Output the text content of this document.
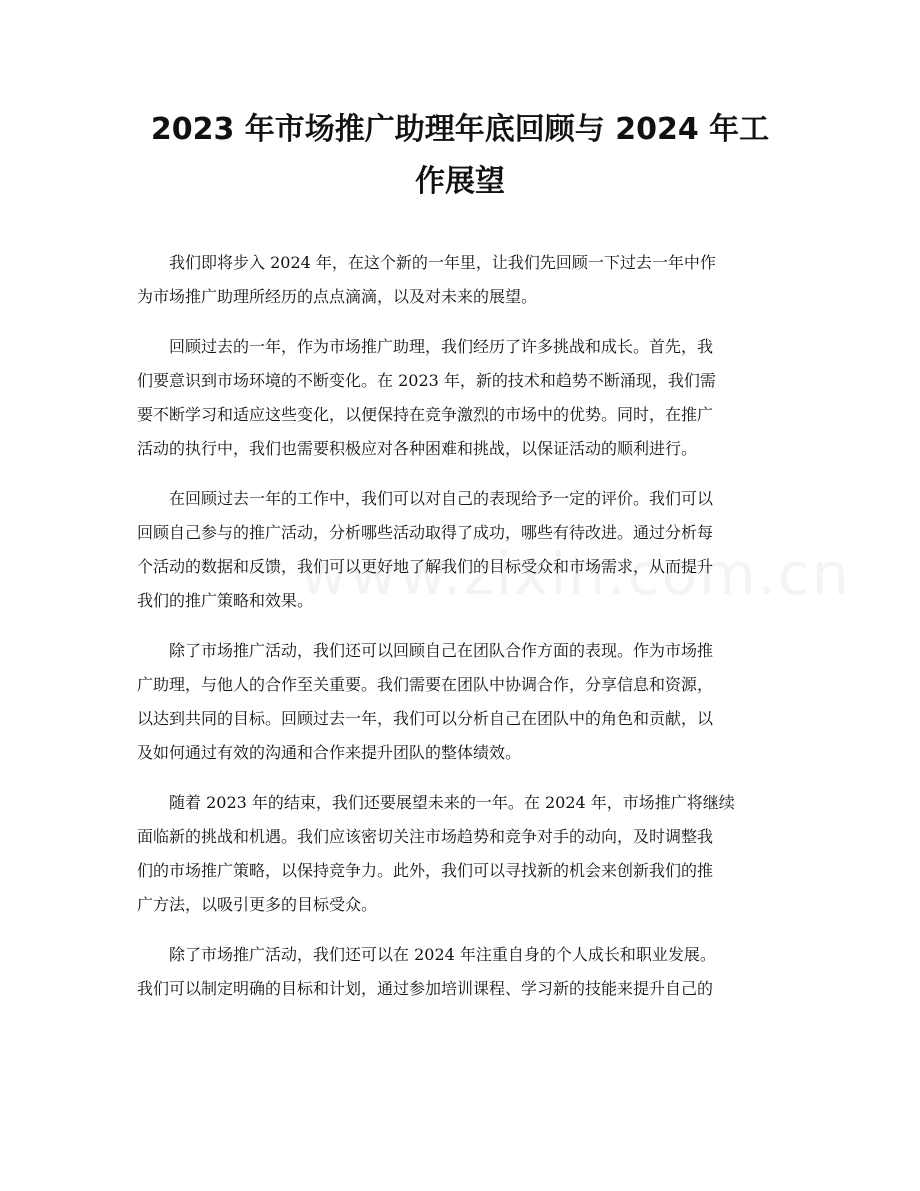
2023 年市场推广助理年底回顾与 2024 年工
作展望

我们即将步入 2024 年，在这个新的一年里，让我们先回顾一下过去一年中作
为市场推广助理所经历的点点滴滴，以及对未来的展望。

回顾过去的一年，作为市场推广助理，我们经历了许多挑战和成长。首先，我
们要意识到市场环境的不断变化。在 2023 年，新的技术和趋势不断涌现，我们需
要不断学习和适应这些变化，以便保持在竞争激烈的市场中的优势。同时，在推广
活动的执行中，我们也需要积极应对各种困难和挑战，以保证活动的顺利进行。

在回顾过去一年的工作中，我们可以对自己的表现给予一定的评价。我们可以
回顾自己参与的推广活动，分析哪些活动取得了成功，哪些有待改进。通过分析每
个活动的数据和反馈，我们可以更好地了解我们的目标受众和市场需求，从而提升
我们的推广策略和效果。

除了市场推广活动，我们还可以回顾自己在团队合作方面的表现。作为市场推
广助理，与他人的合作至关重要。我们需要在团队中协调合作，分享信息和资源，
以达到共同的目标。回顾过去一年，我们可以分析自己在团队中的角色和贡献，以
及如何通过有效的沟通和合作来提升团队的整体绩效。

随着 2023 年的结束，我们还要展望未来的一年。在 2024 年，市场推广将继续
面临新的挑战和机遇。我们应该密切关注市场趋势和竞争对手的动向，及时调整我
们的市场推广策略，以保持竞争力。此外，我们可以寻找新的机会来创新我们的推
广方法，以吸引更多的目标受众。

除了市场推广活动，我们还可以在 2024 年注重自身的个人成长和职业发展。
我们可以制定明确的目标和计划，通过参加培训课程、学习新的技能来提升自己的
